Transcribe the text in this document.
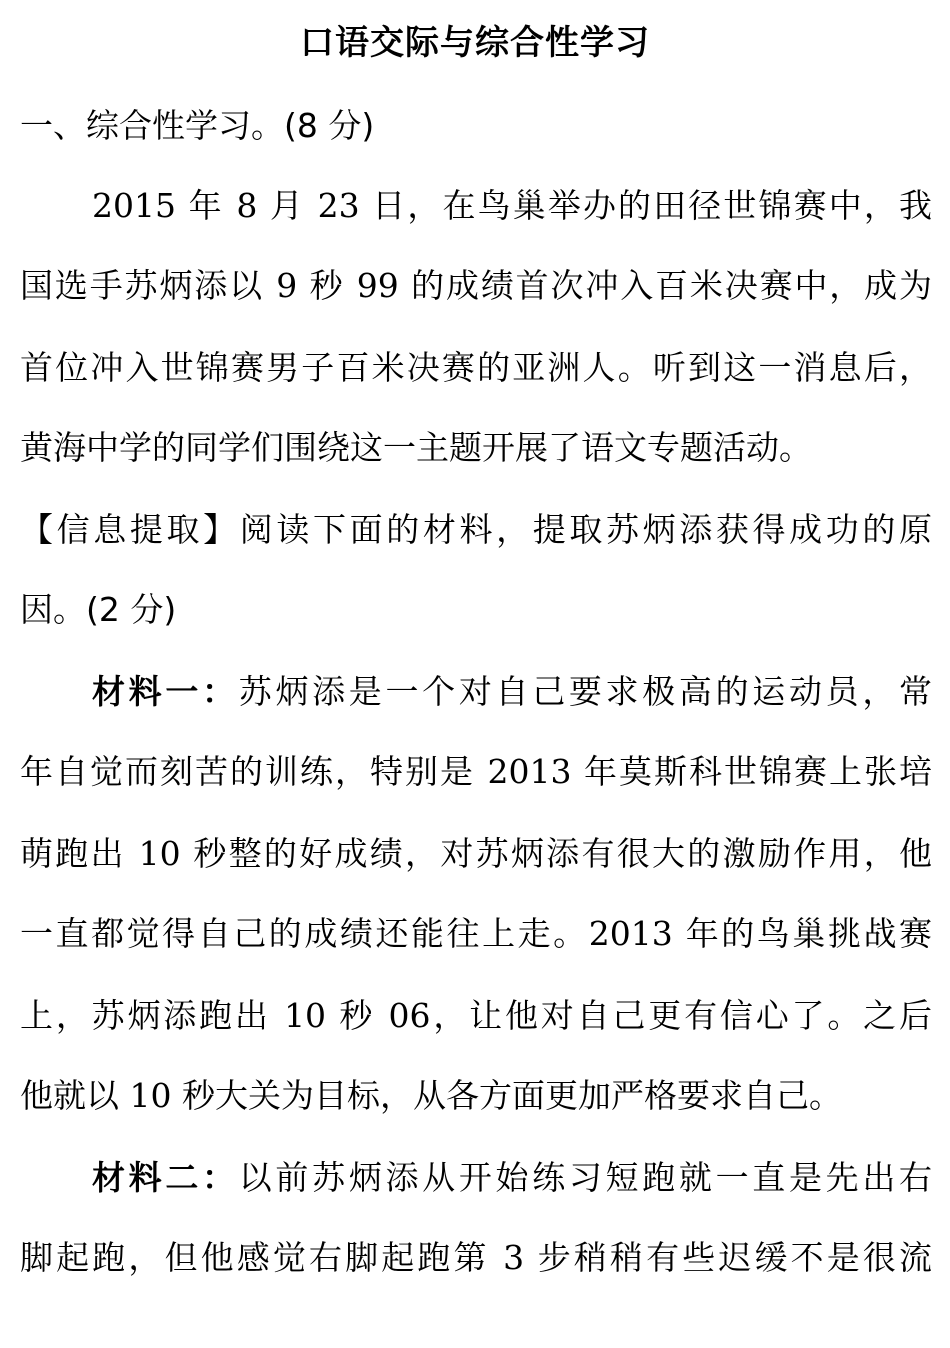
口语交际与综合性学习
一、综合性学习。(8 分)
2015 年 8 月 23 日，在鸟巢举办的田径世锦赛中，我
国选手苏炳添以 9 秒 99 的成绩首次冲入百米决赛中，成为
首位冲入世锦赛男子百米决赛的亚洲人。听到这一消息后，
黄海中学的同学们围绕这一主题开展了语文专题活动。
【信息提取】阅读下面的材料，提取苏炳添获得成功的原
因。(2 分)
材料一：苏炳添是一个对自己要求极高的运动员，常
年自觉而刻苦的训练，特别是 2013 年莫斯科世锦赛上张培
萌跑出 10 秒整的好成绩，对苏炳添有很大的激励作用，他
一直都觉得自己的成绩还能往上走。2013 年的鸟巢挑战赛
上，苏炳添跑出 10 秒 06，让他对自己更有信心了。之后
他就以 10 秒大关为目标，从各方面更加严格要求自己。
材料二：以前苏炳添从开始练习短跑就一直是先出右
脚起跑，但他感觉右脚起跑第 3 步稍稍有些迟缓不是很流
